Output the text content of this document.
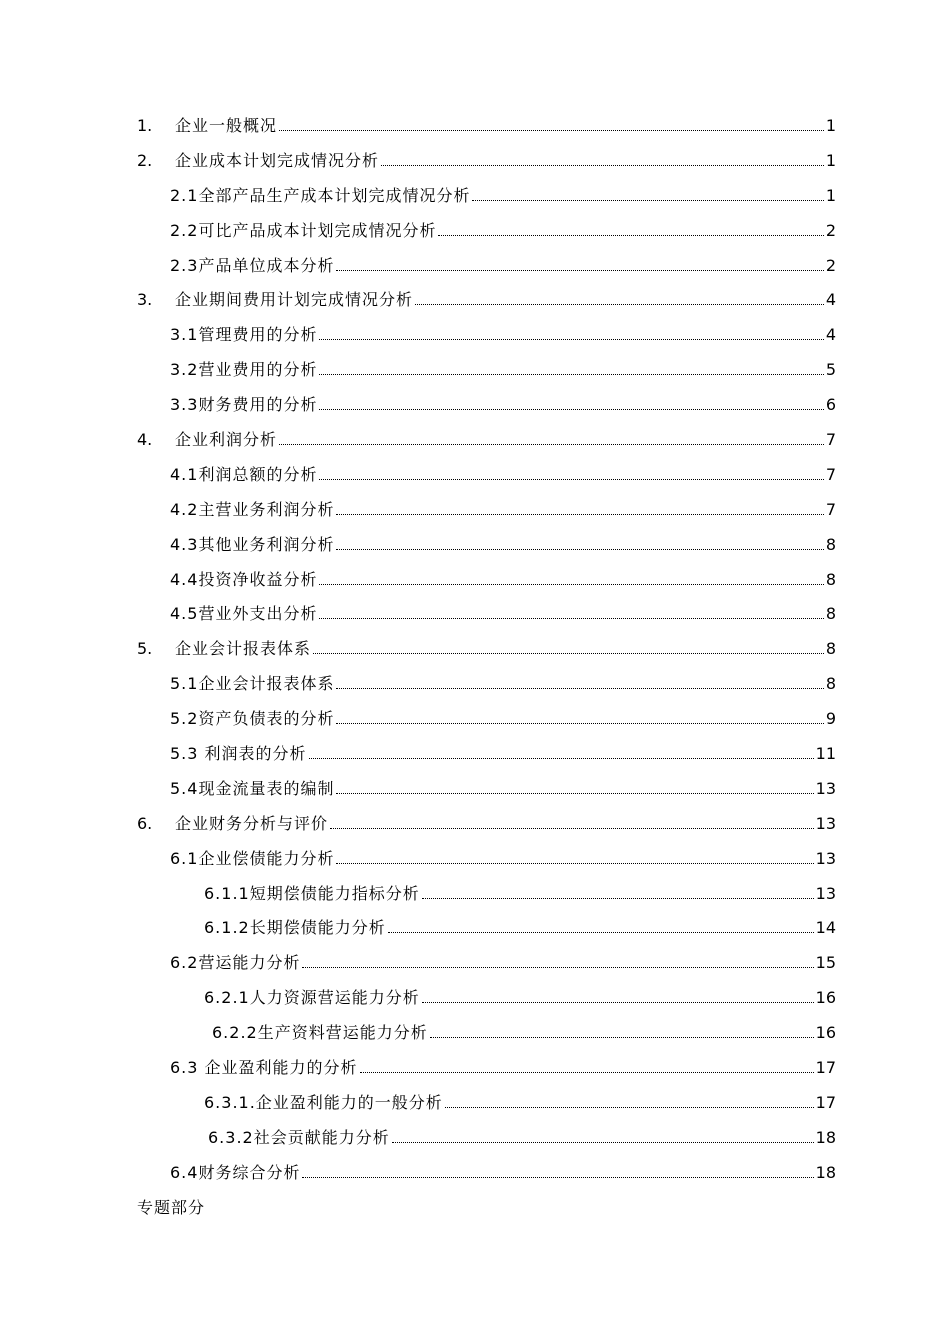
1.	企业一般概况	1
2.	企业成本计划完成情况分析	1
2.1 全部产品生产成本计划完成情况分析	1
2.2 可比产品成本计划完成情况分析	2
2.3 产品单位成本分析	2
3.	企业期间费用计划完成情况分析	4
3.1 管理费用的分析	4
3.2 营业费用的分析	5
3.3 财务费用的分析	6
4.	企业利润分析	7
4.1 利润总额的分析	7
4.2 主营业务利润分析	7
4.3 其他业务利润分析	8
4.4 投资净收益分析	8
4.5 营业外支出分析	8
5.	企业会计报表体系	8
5.1 企业会计报表体系	8
5.2 资产负债表的分析	9
5.3 利润表的分析	11
5.4 现金流量表的编制	13
6.	企业财务分析与评价	13
6.1 企业偿债能力分析	13
6.1.1 短期偿债能力指标分析	13
6.1.2 长期偿债能力分析	14
6.2 营运能力分析	15
6.2.1 人力资源营运能力分析	16
6.2.2 生产资料营运能力分析	16
6.3 企业盈利能力的分析	17
6.3.1. 企业盈利能力的一般分析	17
6.3.2 社会贡献能力分析	18
6.4 财务综合分析	18
专题部分
